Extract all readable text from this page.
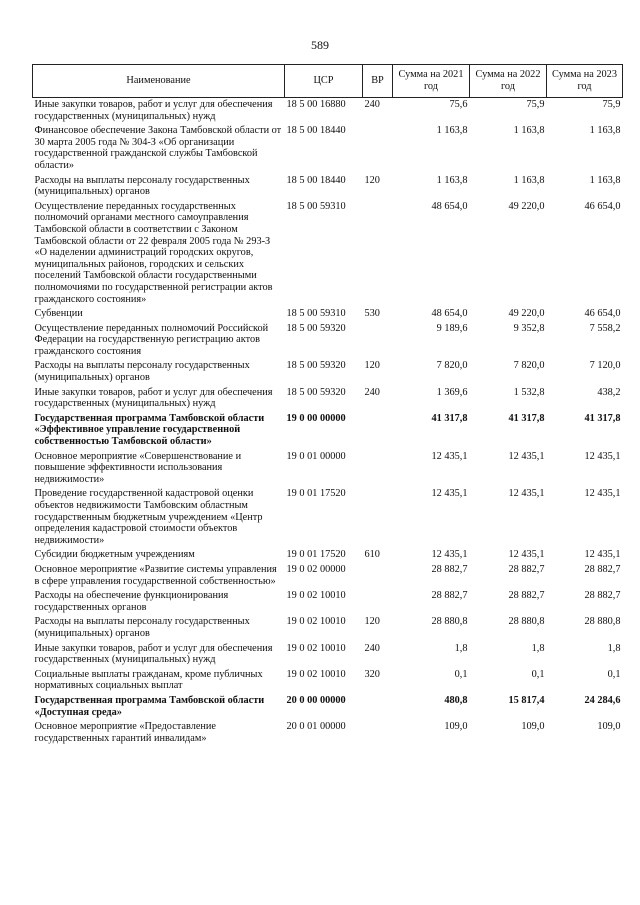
589
Наименование	ЦСР	ВР	Сумма на 2021 год	Сумма на 2022 год	Сумма на 2023 год
Иные закупки товаров, работ и услуг для обеспечения государственных (муниципальных) нужд	18 5 00 16880	240	75,6	75,9	75,9
Финансовое обеспечение Закона Тамбовской области от 30 марта 2005 года № 304-З «Об организации государственной гражданской службы Тамбовской области»	18 5 00 18440		1 163,8	1 163,8	1 163,8
Расходы на выплаты персоналу государственных (муниципальных) органов	18 5 00 18440	120	1 163,8	1 163,8	1 163,8
Осуществление переданных государственных полномочий органами местного самоуправления Тамбовской области в соответствии с Законом Тамбовской области от 22 февраля 2005 года № 293-З «О наделении администраций городских округов, муниципальных районов, городских и сельских поселений Тамбовской области государственными полномочиями по государственной регистрации актов гражданского состояния»	18 5 00 59310		48 654,0	49 220,0	46 654,0
Субвенции	18 5 00 59310	530	48 654,0	49 220,0	46 654,0
Осуществление переданных полномочий Российской Федерации на государственную регистрацию актов гражданского состояния	18 5 00 59320		9 189,6	9 352,8	7 558,2
Расходы на выплаты персоналу государственных (муниципальных) органов	18 5 00 59320	120	7 820,0	7 820,0	7 120,0
Иные закупки товаров, работ и услуг для обеспечения государственных (муниципальных) нужд	18 5 00 59320	240	1 369,6	1 532,8	438,2
Государственная программа Тамбовской области «Эффективное управление государственной собственностью Тамбовской области»	19 0 00 00000		41 317,8	41 317,8	41 317,8
Основное мероприятие «Совершенствование и повышение эффективности использования недвижимости»	19 0 01 00000		12 435,1	12 435,1	12 435,1
Проведение государственной кадастровой оценки объектов недвижимости Тамбовским областным государственным бюджетным учреждением «Центр определения кадастровой стоимости объектов недвижимости»	19 0 01 17520		12 435,1	12 435,1	12 435,1
Субсидии бюджетным учреждениям	19 0 01 17520	610	12 435,1	12 435,1	12 435,1
Основное мероприятие «Развитие системы управления в сфере управления государственной собственностью»	19 0 02 00000		28 882,7	28 882,7	28 882,7
Расходы на обеспечение функционирования государственных органов	19 0 02 10010		28 882,7	28 882,7	28 882,7
Расходы на выплаты персоналу государственных (муниципальных) органов	19 0 02 10010	120	28 880,8	28 880,8	28 880,8
Иные закупки товаров, работ и услуг для обеспечения государственных (муниципальных) нужд	19 0 02 10010	240	1,8	1,8	1,8
Социальные выплаты гражданам, кроме публичных нормативных социальных выплат	19 0 02 10010	320	0,1	0,1	0,1
Государственная программа Тамбовской области «Доступная среда»	20 0 00 00000		480,8	15 817,4	24 284,6
Основное мероприятие «Предоставление государственных гарантий инвалидам»	20 0 01 00000		109,0	109,0	109,0
